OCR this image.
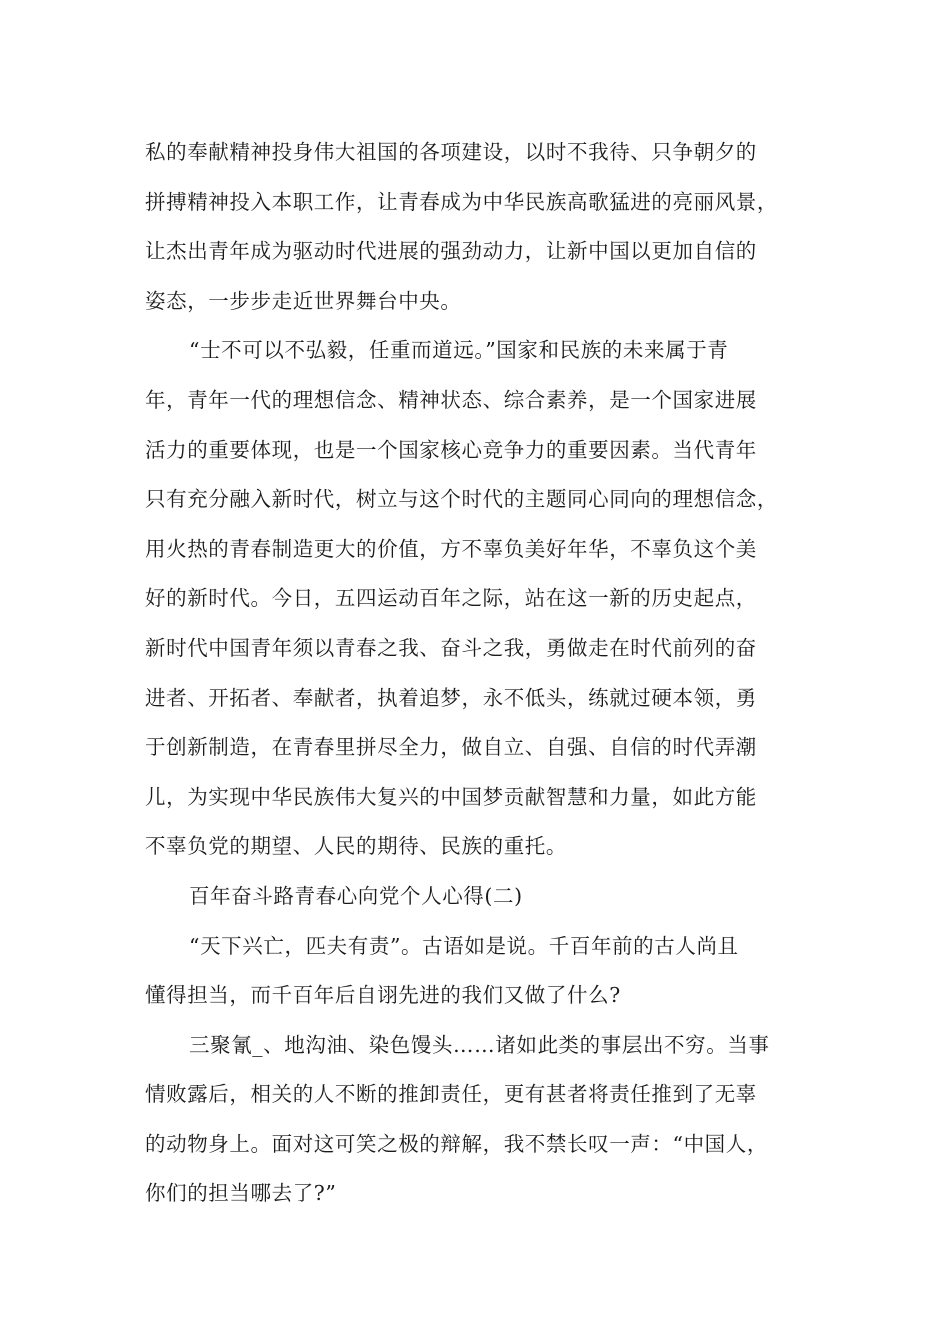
私的奉献精神投身伟大祖国的各项建设，以时不我待、只争朝夕的
拼搏精神投入本职工作，让青春成为中华民族高歌猛进的亮丽风景，
让杰出青年成为驱动时代进展的强劲动力，让新中国以更加自信的
姿态，一步步走近世界舞台中央。
“士不可以不弘毅，任重而道远。”国家和民族的未来属于青
年，青年一代的理想信念、精神状态、综合素养，是一个国家进展
活力的重要体现，也是一个国家核心竞争力的重要因素。当代青年
只有充分融入新时代，树立与这个时代的主题同心同向的理想信念，
用火热的青春制造更大的价值，方不辜负美好年华，不辜负这个美
好的新时代。今日，五四运动百年之际，站在这一新的历史起点，
新时代中国青年须以青春之我、奋斗之我，勇做走在时代前列的奋
进者、开拓者、奉献者，执着追梦，永不低头，练就过硬本领，勇
于创新制造，在青春里拼尽全力，做自立、自强、自信的时代弄潮
儿，为实现中华民族伟大复兴的中国梦贡献智慧和力量，如此方能
不辜负党的期望、人民的期待、民族的重托。
百年奋斗路青春心向党个人心得(二)
“天下兴亡，匹夫有责”。古语如是说。千百年前的古人尚且
懂得担当，而千百年后自诩先进的我们又做了什么?
三聚氰_、地沟油、染色馒头……诸如此类的事层出不穷。当事
情败露后，相关的人不断的推卸责任，更有甚者将责任推到了无辜
的动物身上。面对这可笑之极的辩解，我不禁长叹一声：“中国人，
你们的担当哪去了?”
